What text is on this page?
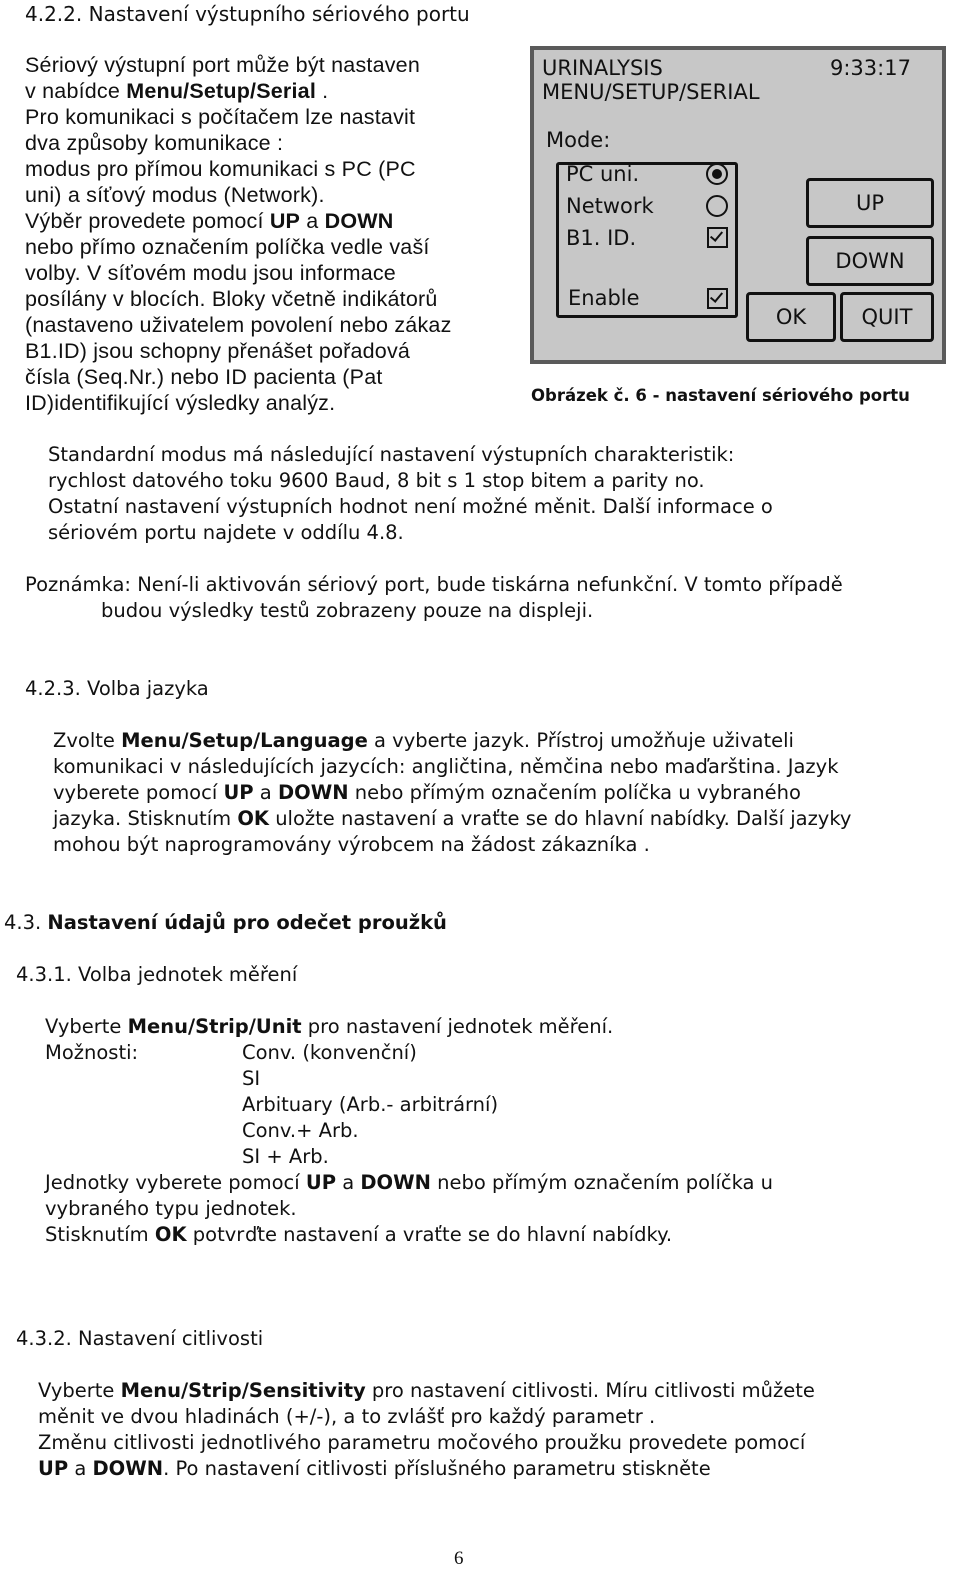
4.2.2. Nastavení výstupního sériového portu
Sériový výstupní port může být nastaven
v nabídce Menu/Setup/Serial .
Pro komunikaci s počítačem lze nastavit
dva způsoby komunikace :
modus pro přímou komunikaci s PC (PC
uni) a síťový modus (Network).
Výběr provedete pomocí UP a DOWN
nebo přímo označením políčka vedle vaší
volby. V síťovém modu jsou informace
posílány v blocích. Bloky včetně indikátorů
(nastaveno uživatelem povolení nebo zákaz
B1.ID) jsou schopny přenášet pořadová
čísla (Seq.Nr.) nebo ID pacienta (Pat
ID)identifikující výsledky analýz.
URINALYSIS	9:33:17
MENU/SETUP/SERIAL
Mode:
PC uni.
Network
B1. ID.
Enable
UP
DOWN
OK	QUIT
Obrázek č. 6 - nastavení sériového portu
Standardní modus má následující nastavení výstupních charakteristik:
rychlost datového toku 9600 Baud, 8 bit s 1 stop bitem a parity no.
Ostatní nastavení výstupních hodnot není možné měnit. Další informace o
sériovém portu najdete v oddílu 4.8.
Poznámka: Není-li aktivován sériový port, bude tiskárna nefunkční. V tomto případě
budou výsledky testů zobrazeny pouze na displeji.
4.2.3. Volba jazyka
Zvolte Menu/Setup/Language a vyberte jazyk. Přístroj umožňuje uživateli
komunikaci v následujících jazycích: angličtina, němčina nebo maďarština. Jazyk
vyberete pomocí UP a DOWN nebo přímým označením políčka u vybraného
jazyka. Stisknutím OK uložte nastavení a vraťte se do hlavní nabídky. Další jazyky
mohou být naprogramovány výrobcem na žádost zákazníka .
4.3. Nastavení údajů pro odečet proužků
4.3.1. Volba jednotek měření
Vyberte Menu/Strip/Unit pro nastavení jednotek měření.
Možnosti:	Conv. (konvenční)
SI
Arbituary (Arb.- arbitrární)
Conv.+ Arb.
SI + Arb.
Jednotky vyberete pomocí UP a DOWN nebo přímým označením políčka u
vybraného typu jednotek.
Stisknutím OK potvrďte nastavení a vraťte se do hlavní nabídky.
4.3.2. Nastavení citlivosti
Vyberte Menu/Strip/Sensitivity pro nastavení citlivosti. Míru citlivosti můžete
měnit ve dvou hladinách (+/-), a to zvlášť pro každý parametr .
Změnu citlivosti jednotlivého parametru močového proužku provedete pomocí
UP a DOWN. Po nastavení citlivosti příslušného parametru stiskněte
6
